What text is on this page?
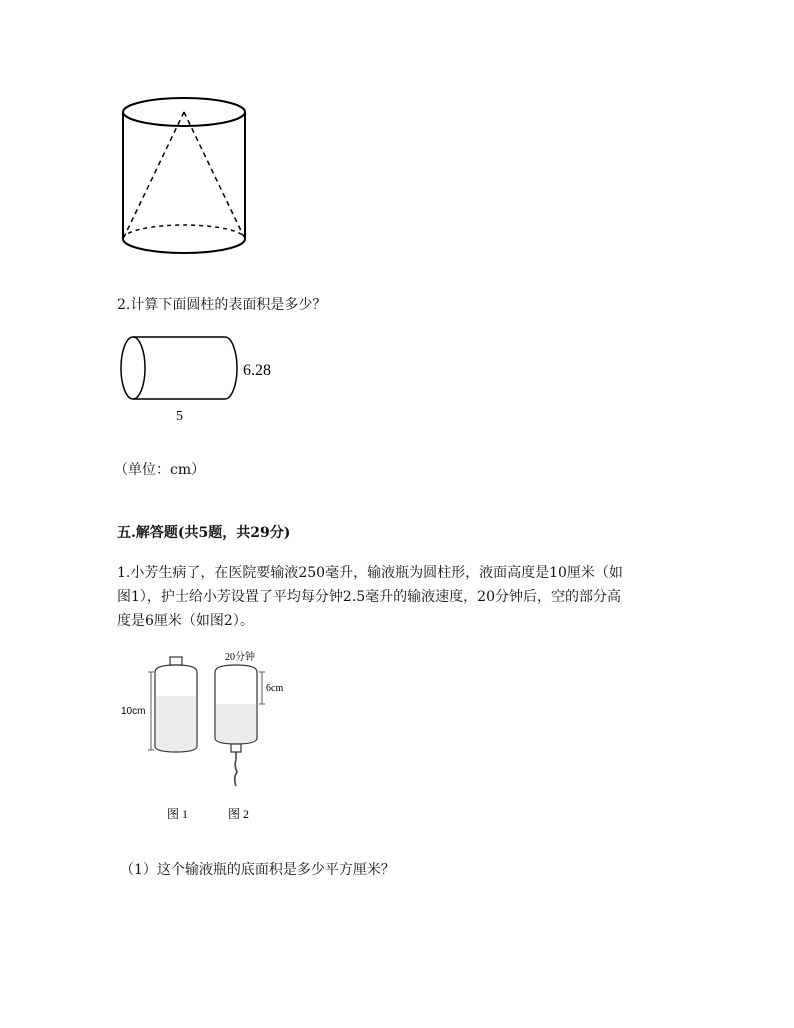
2.计算下面圆柱的表面积是多少？
6.28
5
（单位：cm）
五.解答题(共5题，共29分)
1.小芳生病了，在医院要输液250毫升，输液瓶为圆柱形，液面高度是10厘米（如
图1），护士给小芳设置了平均每分钟2.5毫升的输液速度，20分钟后，空的部分高
度是6厘米（如图2）。
10cm
20分钟
6cm
图 1	图 2
（1）这个输液瓶的底面积是多少平方厘米？
